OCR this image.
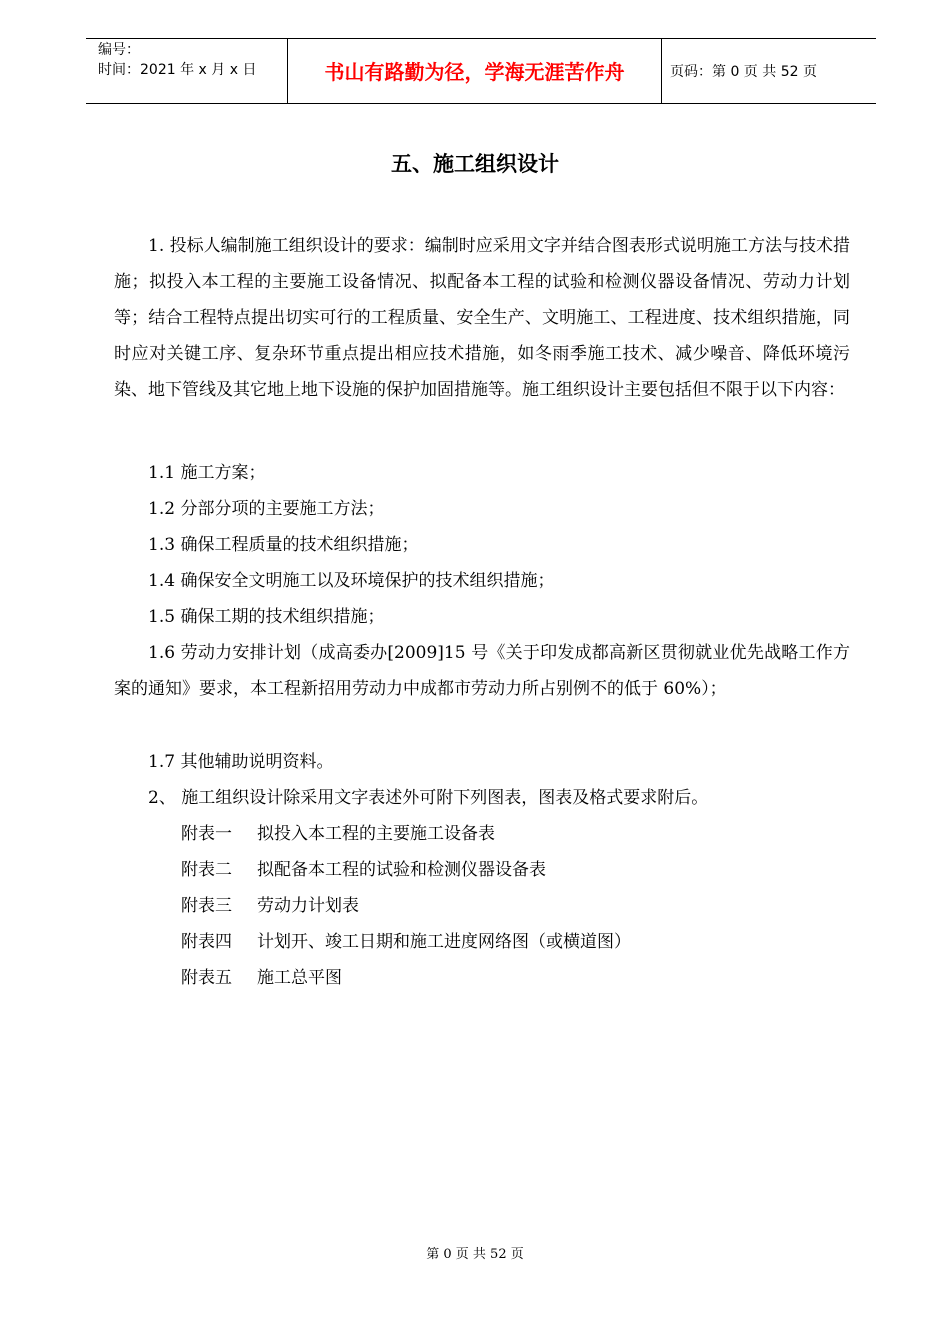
编号：
时间：2021 年 x 月 x 日	书山有路勤为径，学海无涯苦作舟	页码：第 0 页 共 52 页
五、施工组织设计
1. 投标人编制施工组织设计的要求：编制时应采用文字并结合图表形式说明施工方法与技术措施；拟投入本工程的主要施工设备情况、拟配备本工程的试验和检测仪器设备情况、劳动力计划等；结合工程特点提出切实可行的工程质量、安全生产、文明施工、工程进度、技术组织措施，同时应对关键工序、复杂环节重点提出相应技术措施，如冬雨季施工技术、减少噪音、降低环境污染、地下管线及其它地上地下设施的保护加固措施等。施工组织设计主要包括但不限于以下内容：
1.1 施工方案；
1.2 分部分项的主要施工方法；
1.3 确保工程质量的技术组织措施；
1.4 确保安全文明施工以及环境保护的技术组织措施；
1.5 确保工期的技术组织措施；
1.6 劳动力安排计划（成高委办[2009]15 号《关于印发成都高新区贯彻就业优先战略工作方案的通知》要求，本工程新招用劳动力中成都市劳动力所占别例不的低于 60%）；
1.7 其他辅助说明资料。
2、 施工组织设计除采用文字表述外可附下列图表，图表及格式要求附后。
附表一 拟投入本工程的主要施工设备表
附表二 拟配备本工程的试验和检测仪器设备表
附表三 劳动力计划表
附表四 计划开、竣工日期和施工进度网络图（或横道图）
附表五 施工总平图
第 0 页 共 52 页
